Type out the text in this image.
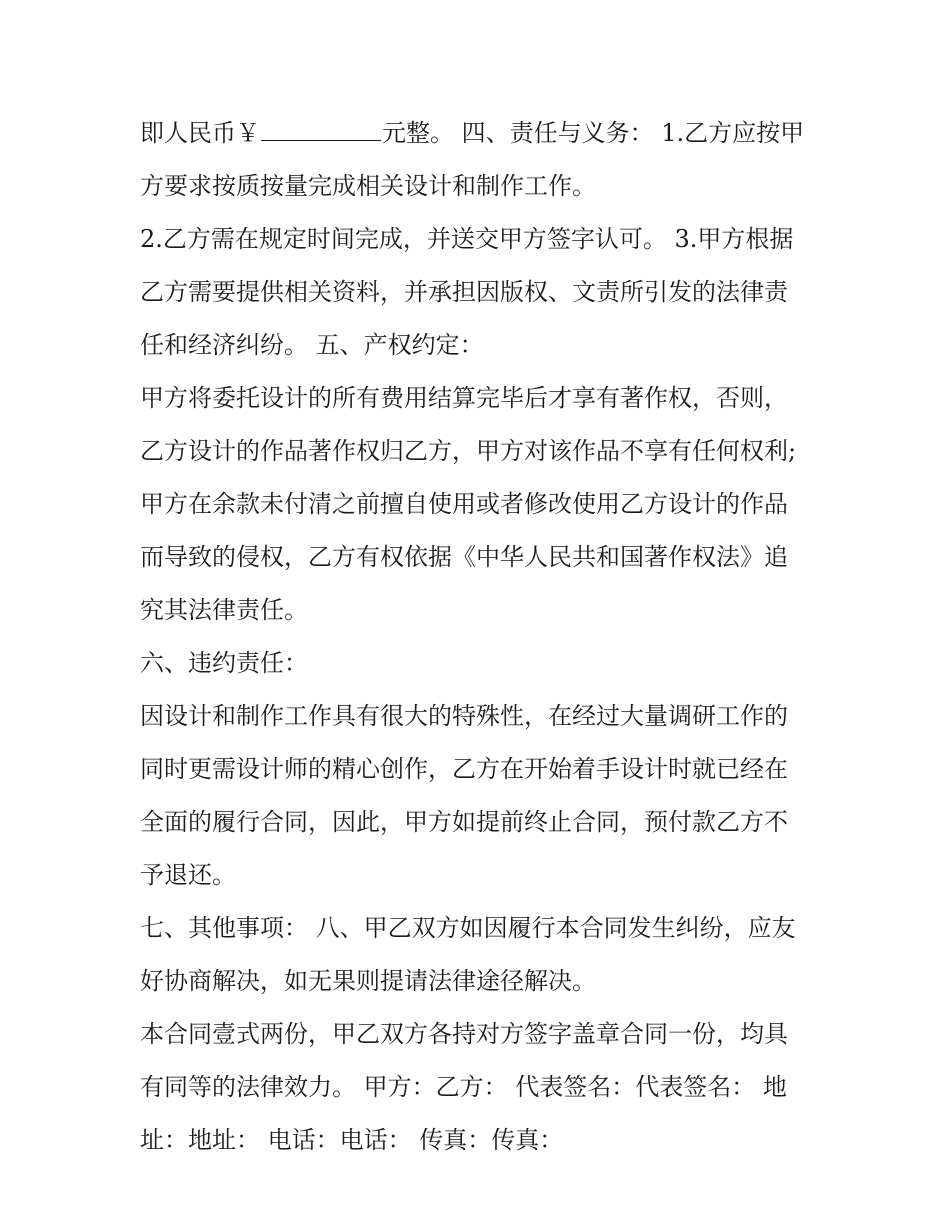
即人民币￥	元整。 四、责任与义务： 1.乙方应按甲方要求按质按量完成相关设计和制作工作。

2.乙方需在规定时间完成，并送交甲方签字认可。 3.甲方根据乙方需要提供相关资料，并承担因版权、文责所引发的法律责任和经济纠纷。 五、产权约定：

甲方将委托设计的所有费用结算完毕后才享有著作权，否则，乙方设计的作品著作权归乙方，甲方对该作品不享有任何权利;甲方在余款未付清之前擅自使用或者修改使用乙方设计的作品而导致的侵权，乙方有权依据《中华人民共和国著作权法》追究其法律责任。

六、违约责任：

因设计和制作工作具有很大的特殊性，在经过大量调研工作的同时更需设计师的精心创作，乙方在开始着手设计时就已经在全面的履行合同，因此，甲方如提前终止合同，预付款乙方不予退还。

七、其他事项： 八、甲乙双方如因履行本合同发生纠纷，应友好协商解决，如无果则提请法律途径解决。

本合同壹式两份，甲乙双方各持对方签字盖章合同一份，均具有同等的法律效力。 甲方：乙方： 代表签名：代表签名： 地址：地址： 电话：电话： 传真：传真：
